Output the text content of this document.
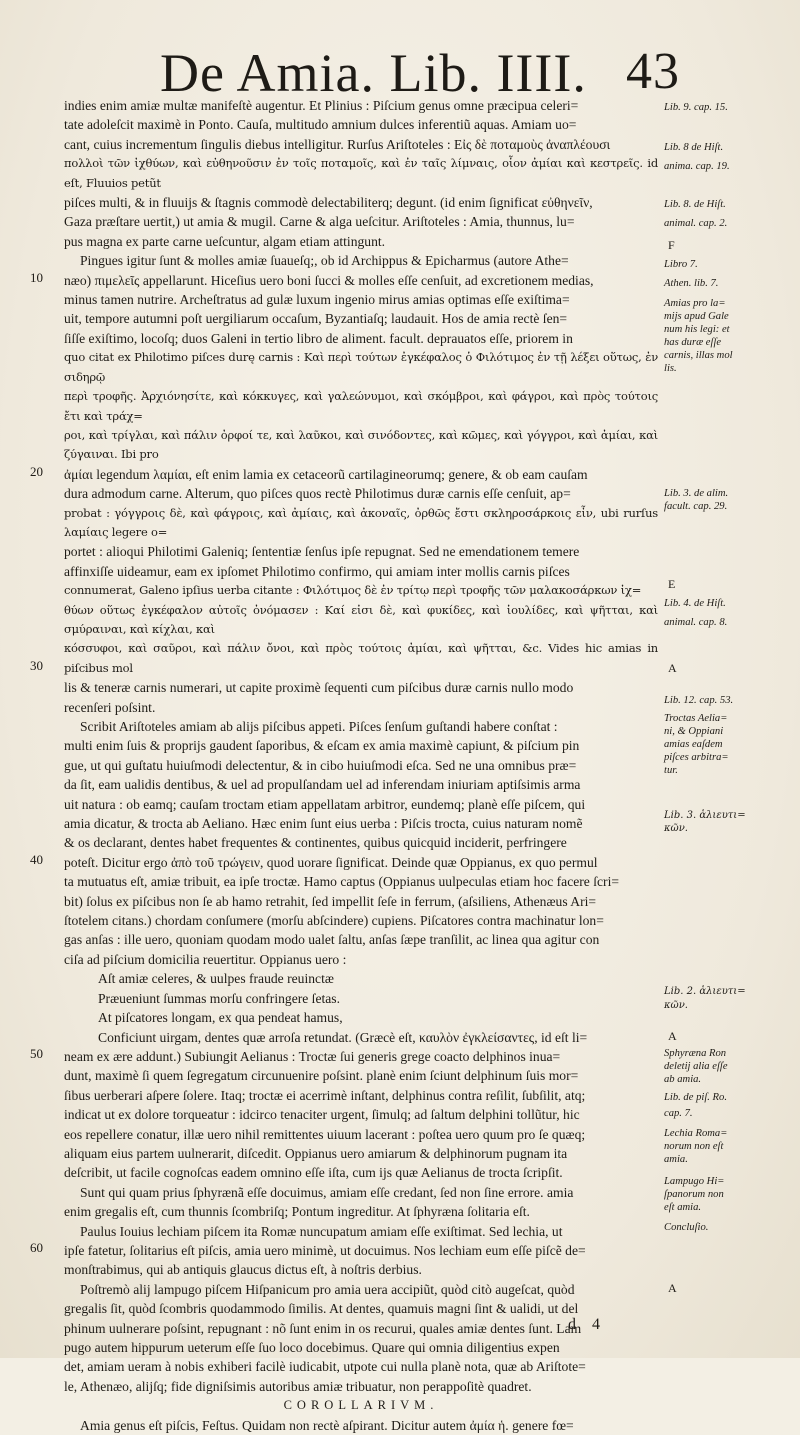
De Amia. Lib. IIII. 43

indies enim amiæ multæ manifeſtè augentur. Et Plinius : Piſcium genus omne præcipua celeri=

tate adoleſcit maximè in Ponto. Cauſa, multitudo amnium dulces inferentiũ aquas. Amiam uo=

cant, cuius incrementum ſingulis diebus intelligitur. Rurſus Ariſtoteles : Εἰς δὲ ποταμοὺς ἀναπλέουσι

πολλοὶ τῶν ἰχθύων, καὶ εὐθηνοῦσιν ἐν τοῖς ποταμοῖς, καὶ ἐν ταῖς λίμναις, οἷον ἀμίαι καὶ κεστρεῖς. id eſt, Fluuios petũt

piſces multi, & in fluuijs & ſtagnis commodè delectabiliterq; degunt. (id enim ſignificat εὐθηνεῖν,

Gaza præſtare uertit,) ut amia & mugil. Carne & alga ueſcitur. Ariſtoteles : Amia, thunnus, lu=

pus magna ex parte carne ueſcuntur, algam etiam attingunt.

Pingues igitur ſunt & molles amiæ ſuaueſq;, ob id Archippus & Epicharmus (autore Athe=

næo) πιμελεῖς appellarunt. Hiceſius uero boni ſucci & molles eſſe cenſuit, ad excretionem medias,

minus tamen nutrire. Archeſtratus ad gulæ luxum ingenio mirus amias optimas eſſe exiſtima=

uit, tempore autumni poſt uergiliarum occaſum, Byzantiaſq; laudauit. Hos de amia rectè ſen=

ſiſſe exiſtimo, locoſq; duos Galeni in tertio libro de aliment. facult. deprauatos eſſe, priorem in

quo citat ex Philotimo piſces durę carnis : Καὶ περὶ τούτων ἐγκέφαλος ὁ Φιλότιμος ἐν τῇ λέξει οὕτως, ἐν σιδηρῷ

περὶ τροφῆς. Ἀρχιόνησίτε, καὶ κόκκυγες, καὶ γαλεώνυμοι, καὶ σκόμβροι, καὶ φάγροι, καὶ πρὸς τούτοις ἔτι καὶ τράχ=

ροι, καὶ τρίγλαι, καὶ πάλιν ὀρφοί τε, καὶ λαῦκοι, καὶ σινόδοντες, καὶ κῶμες, καὶ γόγγροι, καὶ ἀμίαι, καὶ ζύγαιναι. Ibi pro

ἀμίαι legendum λαμίαι, eſt enim lamia ex cetaceorũ cartilagineorumq; genere, & ob eam cauſam

dura admodum carne. Alterum, quo piſces quos rectè Philotimus duræ carnis eſſe cenſuit, ap=

probat : γόγγροις δὲ, καὶ φάγροις, καὶ ἀμίαις, καὶ ἀκοναῖς, ὀρθῶς ἔστι σκληροσάρκοις εἶν, ubi rurſus λαμίαις legere o=

portet : alioqui Philotimi Galeniq; ſententiæ ſenſus ipſe repugnat. Sed ne emendationem temere

affinxiſſe uideamur, eam ex ipſomet Philotimo confirmo, qui amiam inter mollis carnis piſces

connumerat, Galeno ipſius uerba citante : Φιλότιμος δὲ ἐν τρίτῳ περὶ τροφῆς τῶν μαλακοσάρκων ἰχ=

θύων οὕτως ἐγκέφαλον αὐτοῖς ὀνόμασεν : Καί εἰσι δὲ, καὶ φυκίδες, καὶ ἰουλίδες, καὶ ψῆτται, καὶ σμύραιναι, καὶ κίχλαι, καὶ

κόσσυφοι, καὶ σαῦροι, καὶ πάλιν ὄνοι, καὶ πρὸς τούτοις ἀμίαι, καὶ ψῆτται, &c. Vides hic amias in piſcibus mol

lis & teneræ carnis numerari, ut capite proximè ſequenti cum piſcibus duræ carnis nullo modo

recenſeri poſsint.

Scribit Ariſtoteles amiam ab alijs piſcibus appeti. Piſces ſenſum guſtandi habere conſtat :

multi enim ſuis & proprijs gaudent ſaporibus, & eſcam ex amia maximè capiunt, & piſcium pin

gue, ut qui guſtatu huiuſmodi delectentur, & in cibo huiuſmodi eſca. Sed ne una omnibus præ=

da ſit, eam ualidis dentibus, & uel ad propulſandam uel ad inferendam iniuriam aptiſsimis arma

uit natura : ob eamq; cauſam troctam etiam appellatam arbitror, eundemq; planè eſſe piſcem, qui

amia dicatur, & trocta ab Aeliano. Hæc enim ſunt eius uerba : Piſcis trocta, cuius naturam nomẽ

& os declarant, dentes habet frequentes & continentes, quibus quicquid inciderit, perfringere

poteſt. Dicitur ergo ἀπὸ τοῦ τρώγειν, quod uorare ſignificat. Deinde quæ Oppianus, ex quo permul

ta mutuatus eſt, amiæ tribuit, ea ipſe troctæ. Hamo captus (Oppianus uulpeculas etiam hoc facere ſcri=

bit) ſolus ex piſcibus non ſe ab hamo retrahit, ſed impellit ſeſe in ferrum, (aſsiliens, Athenæus Ari=

ſtotelem citans.) chordam conſumere (morſu abſcindere) cupiens. Piſcatores contra machinatur lon=

gas anſas : ille uero, quoniam quodam modo ualet ſaltu, anſas ſæpe tranſilit, ac linea qua agitur con

ciſa ad piſcium domicilia reuertitur. Oppianus uero :

Aſt amiæ celeres, & uulpes fraude reuinctæ

Præueniunt ſummas morſu confringere ſetas.

At piſcatores longam, ex qua pendeat hamus,

Conficiunt uirgam, dentes quæ arroſa retundat. (Græcè eſt, καυλὸν ἐγκλείσαντες, id eſt li=

neam ex ære addunt.) Subiungit Aelianus : Troctæ ſui generis grege coacto delphinos inua=

dunt, maximè ſi quem ſegregatum circunuenire poſsint. planè enim ſciunt delphinum ſuis mor=

ſibus uerberari aſpere ſolere. Itaq; troctæ ei acerrimè inſtant, delphinus contra reſilit, ſubſilit, atq;

indicat ut ex dolore torqueatur : idcirco tenaciter urgent, ſimulq; ad ſaltum delphini tollũtur, hic

eos repellere conatur, illæ uero nihil remittentes uiuum lacerant : poſtea uero quum pro ſe quæq;

aliquam eius partem uulnerarit, diſcedit. Oppianus uero amiarum & delphinorum pugnam ita

deſcribit, ut facile cognoſcas eadem omnino eſſe iſta, cum ijs quæ Aelianus de trocta ſcripſit.

Sunt qui quam prius ſphyrænã eſſe docuimus, amiam eſſe credant, ſed non ſine errore. amia

enim gregalis eſt, cum thunnis ſcombriſq; Pontum ingreditur. At ſphyræna ſolitaria eſt.

Paulus Iouius lechiam piſcem ita Romæ nuncupatum amiam eſſe exiſtimat. Sed lechia, ut

ipſe fatetur, ſolitarius eſt piſcis, amia uero minimè, ut docuimus. Nos lechiam eum eſſe piſcẽ de=

monſtrabimus, qui ab antiquis glaucus dictus eſt, à noſtris derbius.

Poſtremò alij lampugo piſcem Hiſpanicum pro amia uera accipiũt, quòd citò augeſcat, quòd

gregalis ſit, quòd ſcombris quodammodo ſimilis. At dentes, quamuis magni ſint & ualidi, ut del

phinum uulnerare poſsint, repugnant : nõ ſunt enim in os recurui, quales amiæ dentes ſunt. Lam

pugo autem hippurum ueterum eſſe ſuo loco docebimus. Quare qui omnia diligentius expen

det, amiam ueram à nobis exhiberi facilè iudicabit, utpote cui nulla planè nota, quæ ab Ariſtote=

le, Athenæo, alijſq; fide digniſsimis autoribus amiæ tribuatur, non perappoſitè quadret.

COROLLARIVM.

Amia genus eſt piſcis, Feſtus. Quidam non rectè aſpirant. Dicitur autem ἀμία ἡ. genere fœ=

10
20
30
40
50
60
Lib. 9. cap. 15.
Lib. 8 de Hiſt.
anima. cap. 19.
Lib. 8. de Hiſt.
animal. cap. 2.
F
Libro 7.
Athen. lib. 7.
Amias pro la=
mijs apud Gale
num his legi: et
has duræ eſſe
carnis, illas mol
lis.
Lib. 3. de alim.
facult. cap. 29.
E
Lib. 4. de Hiſt.
animal. cap. 8.
A
Lib. 12. cap. 53.
Troctas Aelia=
ni, & Oppiani
amias eaſdem
piſces arbitra=
tur.
Lib. 3. ἁλιευτι=
κῶν.
Lib. 2. ἁλιευτι=
κῶν.
A
Sphyræna Ron
deletij alia eſſe
ab amia.
Lib. de piſ. Ro.
cap. 7.
Lechia Roma=
norum non eſt
amia.
Lampugo Hi=
ſpanorum non
eſt amia.
Concluſio.
A
d 4
